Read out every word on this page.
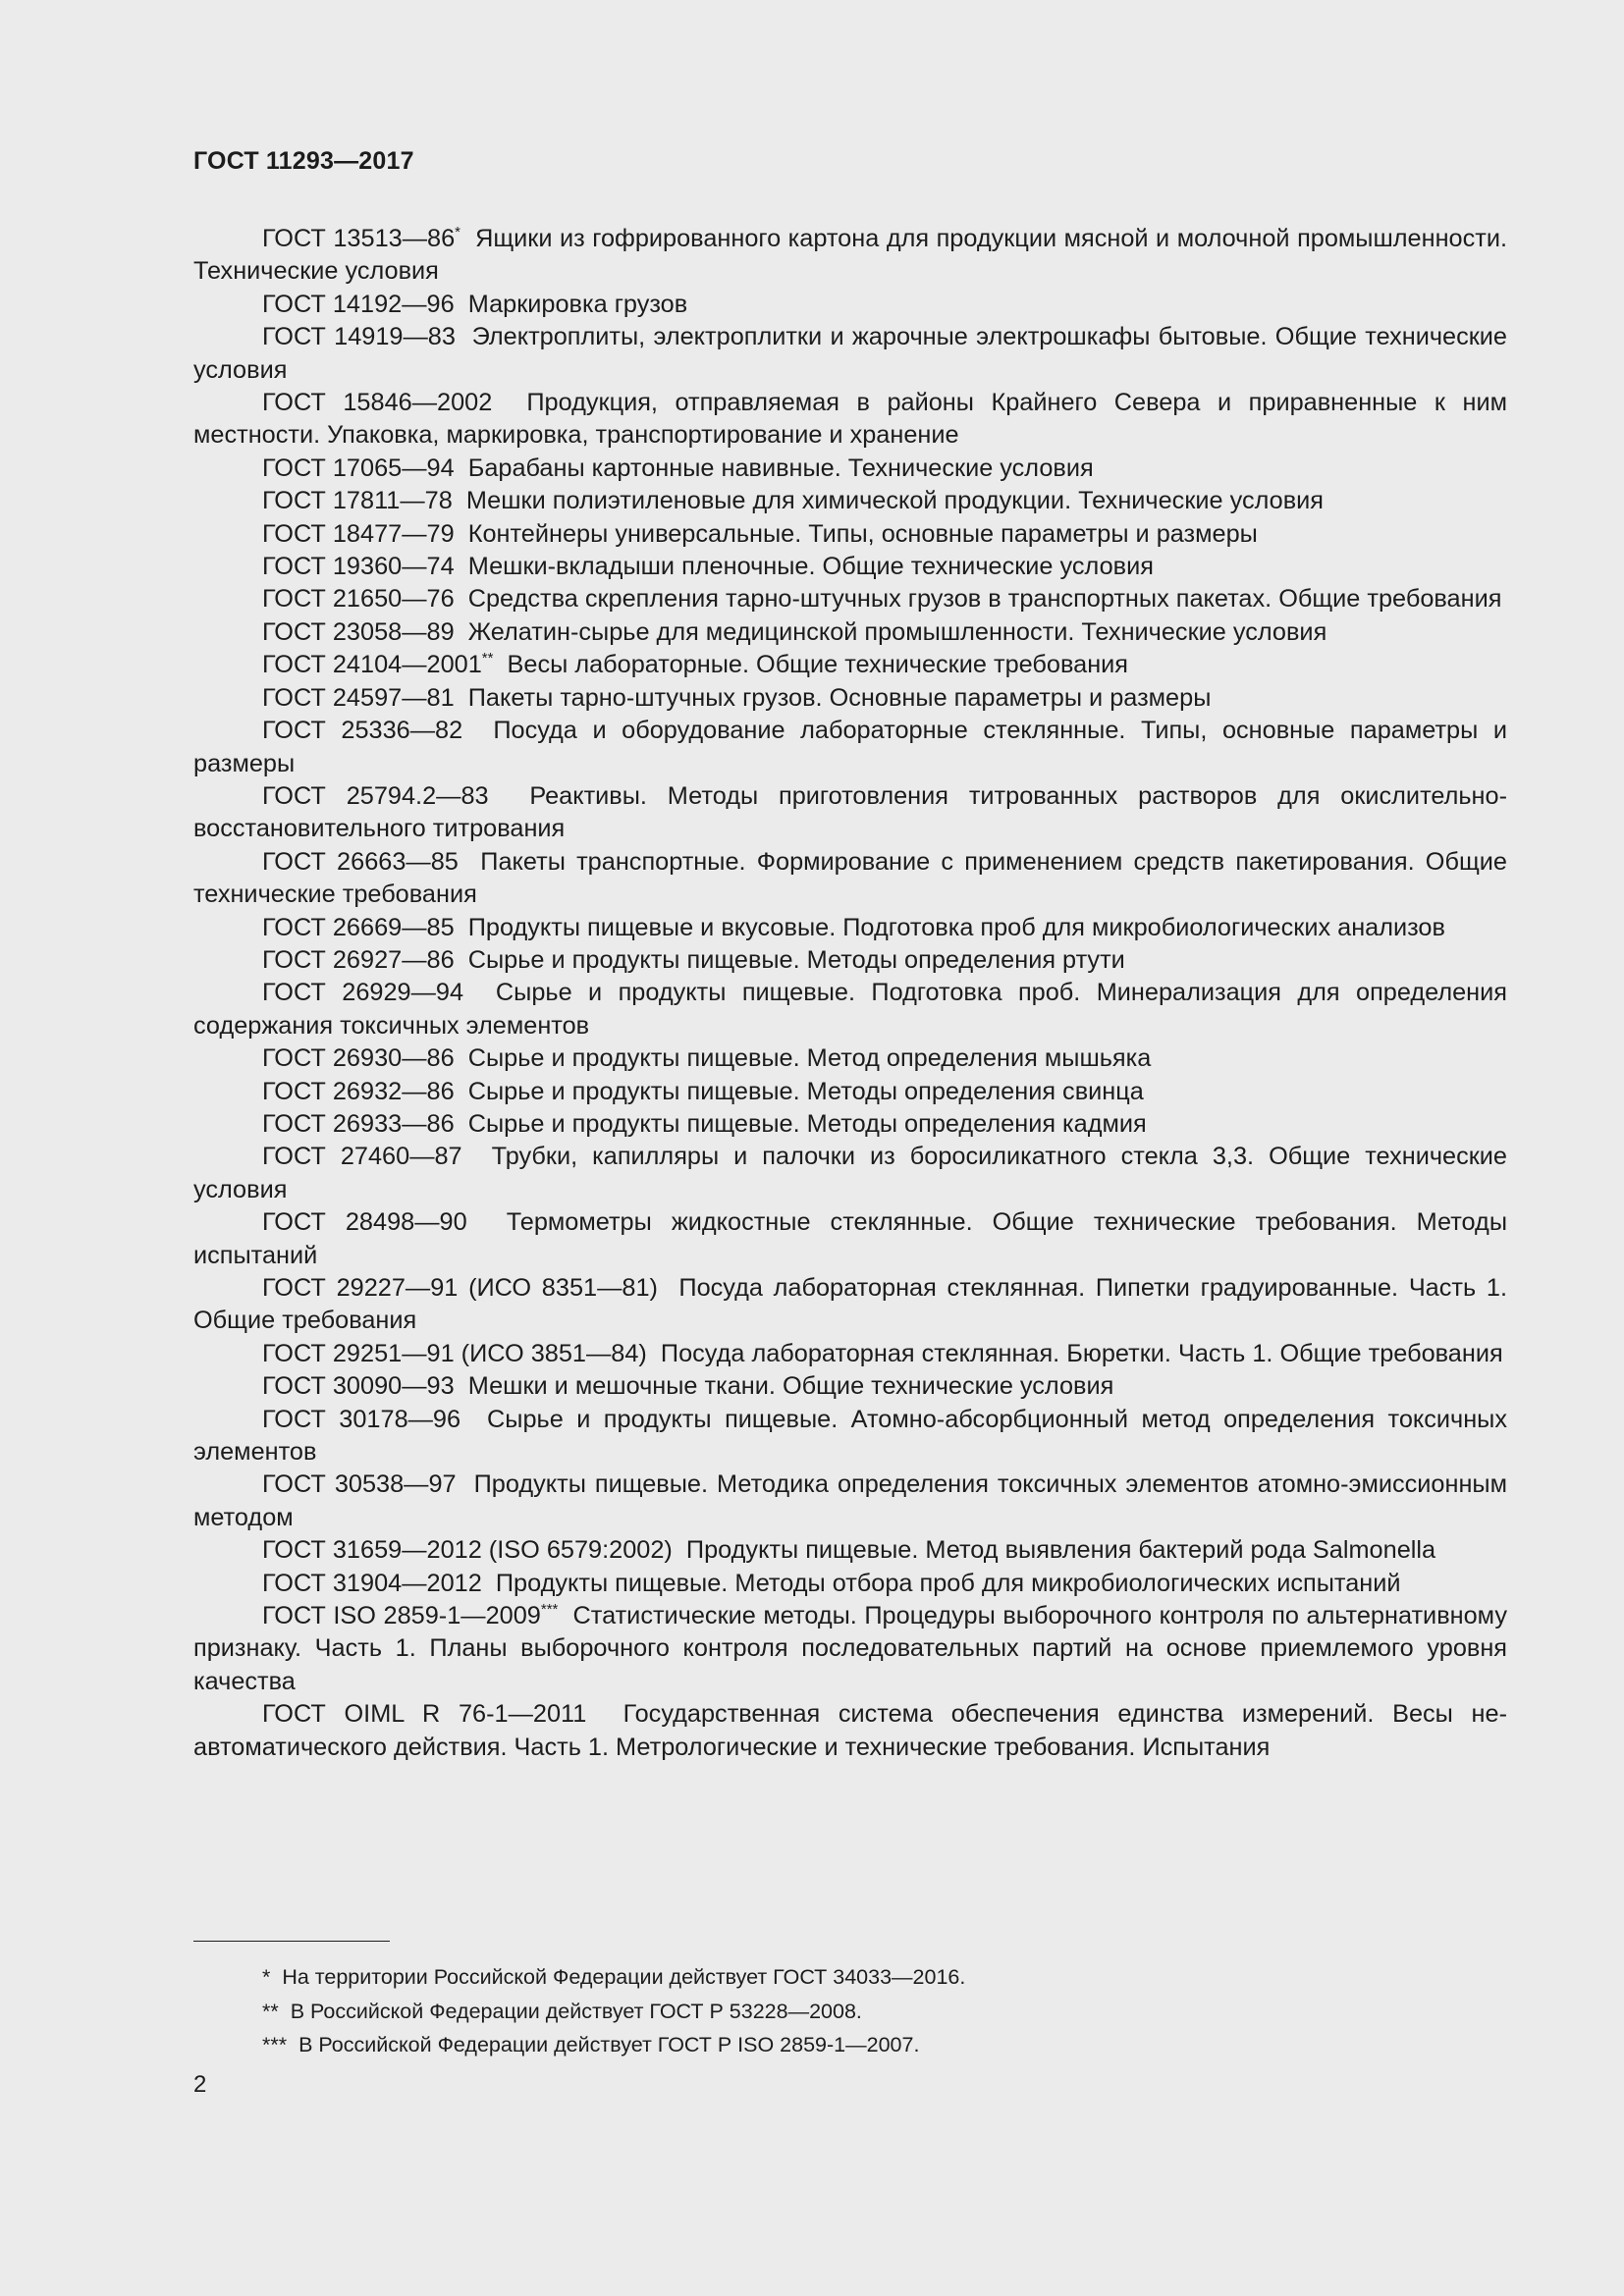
ГОСТ 11293—2017

ГОСТ 13513—86* Ящики из гофрированного картона для продукции мясной и молочной промышленности. Технические условия

ГОСТ 14192—96 Маркировка грузов

ГОСТ 14919—83 Электроплиты, электроплитки и жарочные электрошкафы бытовые. Общие технические условия

ГОСТ 15846—2002 Продукция, отправляемая в районы Крайнего Севера и приравненные к ним местности. Упаковка, маркировка, транспортирование и хранение

ГОСТ 17065—94 Барабаны картонные навивные. Технические условия

ГОСТ 17811—78 Мешки полиэтиленовые для химической продукции. Технические условия

ГОСТ 18477—79 Контейнеры универсальные. Типы, основные параметры и размеры

ГОСТ 19360—74 Мешки-вкладыши пленочные. Общие технические условия

ГОСТ 21650—76 Средства скрепления тарно-штучных грузов в транспортных пакетах. Общие требования

ГОСТ 23058—89 Желатин-сырье для медицинской промышленности. Технические условия

ГОСТ 24104—2001** Весы лабораторные. Общие технические требования

ГОСТ 24597—81 Пакеты тарно-штучных грузов. Основные параметры и размеры

ГОСТ 25336—82 Посуда и оборудование лабораторные стеклянные. Типы, основные параметры и размеры

ГОСТ 25794.2—83 Реактивы. Методы приготовления титрованных растворов для окислительно-восстановительного титрования

ГОСТ 26663—85 Пакеты транспортные. Формирование с применением средств пакетирования. Общие технические требования

ГОСТ 26669—85 Продукты пищевые и вкусовые. Подготовка проб для микробиологических анализов

ГОСТ 26927—86 Сырье и продукты пищевые. Методы определения ртути

ГОСТ 26929—94 Сырье и продукты пищевые. Подготовка проб. Минерализация для определения содержания токсичных элементов

ГОСТ 26930—86 Сырье и продукты пищевые. Метод определения мышьяка

ГОСТ 26932—86 Сырье и продукты пищевые. Методы определения свинца

ГОСТ 26933—86 Сырье и продукты пищевые. Методы определения кадмия

ГОСТ 27460—87 Трубки, капилляры и палочки из боросиликатного стекла 3,3. Общие технические условия

ГОСТ 28498—90 Термометры жидкостные стеклянные. Общие технические требования. Методы испытаний

ГОСТ 29227—91 (ИСО 8351—81) Посуда лабораторная стеклянная. Пипетки градуированные. Часть 1. Общие требования

ГОСТ 29251—91 (ИСО 3851—84) Посуда лабораторная стеклянная. Бюретки. Часть 1. Общие требования

ГОСТ 30090—93 Мешки и мешочные ткани. Общие технические условия

ГОСТ 30178—96 Сырье и продукты пищевые. Атомно-абсорбционный метод определения токсичных элементов

ГОСТ 30538—97 Продукты пищевые. Методика определения токсичных элементов атомно-эмиссионным методом

ГОСТ 31659—2012 (ISO 6579:2002) Продукты пищевые. Метод выявления бактерий рода Salmonella

ГОСТ 31904—2012 Продукты пищевые. Методы отбора проб для микробиологических испытаний

ГОСТ ISO 2859-1—2009*** Статистические методы. Процедуры выборочного контроля по альтернативному признаку. Часть 1. Планы выборочного контроля последовательных партий на основе приемлемого уровня качества

ГОСТ OIML R 76-1—2011 Государственная система обеспечения единства измерений. Весы неавтоматического действия. Часть 1. Метрологические и технические требования. Испытания

* На территории Российской Федерации действует ГОСТ 34033—2016.

** В Российской Федерации действует ГОСТ Р 53228—2008.

*** В Российской Федерации действует ГОСТ Р ISO 2859-1—2007.

2
